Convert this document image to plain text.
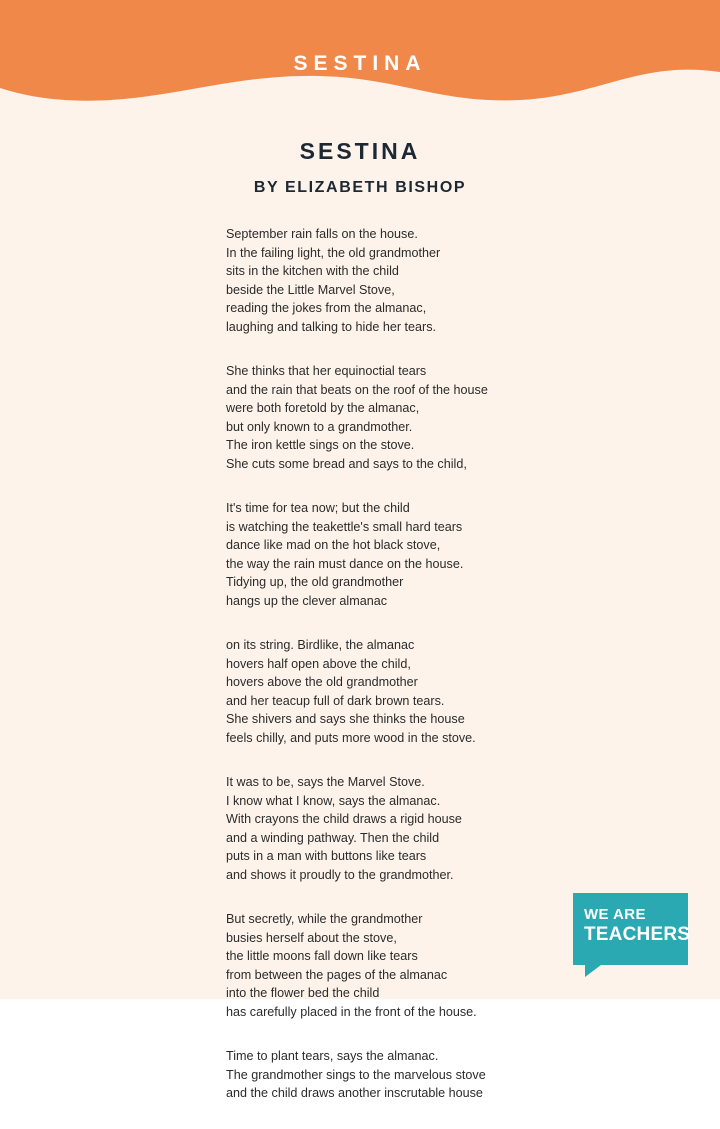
SESTINA
SESTINA
BY ELIZABETH BISHOP
September rain falls on the house.
In the failing light, the old grandmother
sits in the kitchen with the child
beside the Little Marvel Stove,
reading the jokes from the almanac,
laughing and talking to hide her tears.
She thinks that her equinoctial tears
and the rain that beats on the roof of the house
were both foretold by the almanac,
but only known to a grandmother.
The iron kettle sings on the stove.
She cuts some bread and says to the child,
It's time for tea now; but the child
is watching the teakettle's small hard tears
dance like mad on the hot black stove,
the way the rain must dance on the house.
Tidying up, the old grandmother
hangs up the clever almanac
on its string. Birdlike, the almanac
hovers half open above the child,
hovers above the old grandmother
and her teacup full of dark brown tears.
She shivers and says she thinks the house
feels chilly, and puts more wood in the stove.
It was to be, says the Marvel Stove.
I know what I know, says the almanac.
With crayons the child draws a rigid house
and a winding pathway. Then the child
puts in a man with buttons like tears
and shows it proudly to the grandmother.
But secretly, while the grandmother
busies herself about the stove,
the little moons fall down like tears
from between the pages of the almanac
into the flower bed the child
has carefully placed in the front of the house.
Time to plant tears, says the almanac.
The grandmother sings to the marvelous stove
and the child draws another inscrutable house
WE ARE
TEACHERS
